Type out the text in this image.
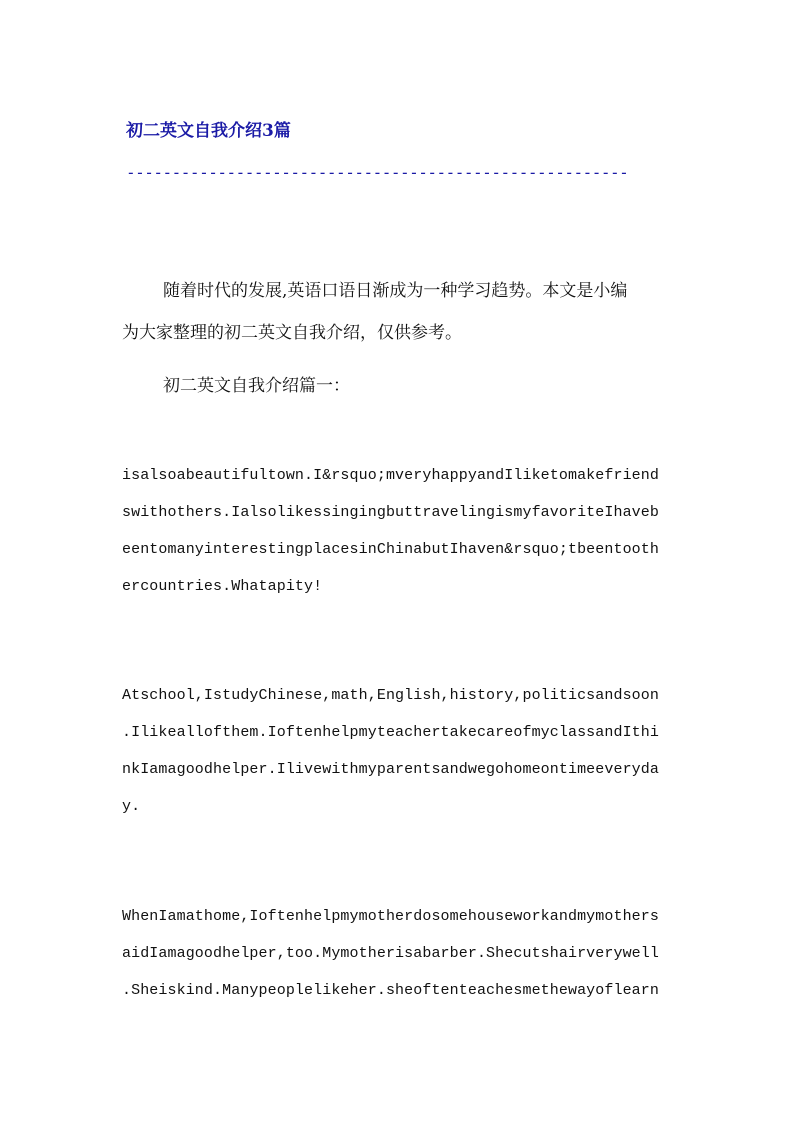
初二英文自我介绍3篇
-------------------------------------------------------
随着时代的发展,英语口语日渐成为一种学习趋势。本文是小编
为大家整理的初二英文自我介绍，仅供参考。
初二英文自我介绍篇一：
isalsoabeautifultown.I&rsquo;mveryhappyandIliketomakefriend
swithothers.IalsolikessingingbuttravelingismyfavoriteIhaveb
eentomanyinterestingplacesinChinabutIhaven&rsquo;tbeentooth
ercountries.Whatapity!
Atschool,IstudyChinese,math,English,history,politicsandsoon
.Ilikeallofthem.IoftenhelpmyteachertakecareofmyclassandIthi
nkIamagoodhelper.Ilivewithmyparentsandwegohomeontimeeveryda
y.
WhenIamathome,Ioftenhelpmymotherdosomehouseworkandmymothers
aidIamagoodhelper,too.Mymotherisabarber.Shecutshairverywell
.Sheiskind.Manypeoplelikeher.sheoftenteachesmethewayoflearn
